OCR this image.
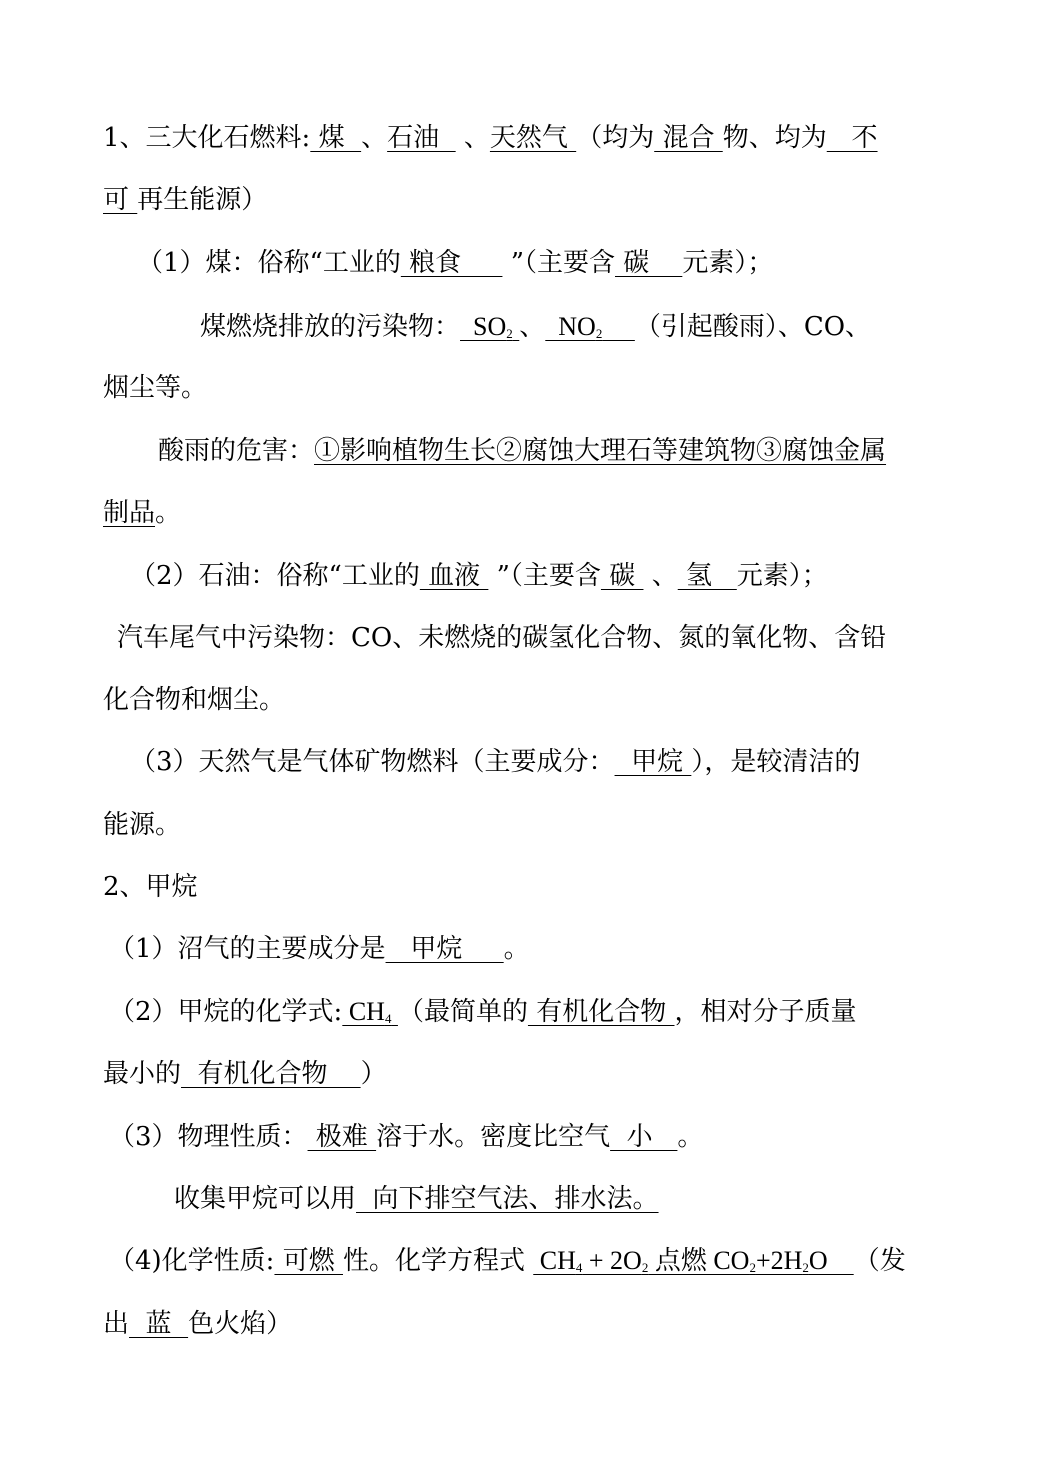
1、三大化石燃料: 煤  、石油   、天然气 （均为 混合 物、均为   不
可 再生能源）
（1）煤：俗称“工业的 粮食      ”（主要含 碳    元素）；
煤燃烧排放的污染物：  $SO_2$ 、  $NO_2$ （引起酸雨）、CO、
烟尘等。
酸雨的危害：①影响植物生长②腐蚀大理石等建筑物③腐蚀金属
制品。
（2）石油：俗称“工业的 血液  ”（主要含 碳  、 氢   元素）；
汽车尾气中污染物：CO、未燃烧的碳氢化合物、氮的氧化物、含铅
化合物和烟尘。
（3）天然气是气体矿物燃料（主要成分：  甲烷 ），是较清洁的
能源。
2、甲烷
（1）沼气的主要成分是   甲烷     。
（2）甲烷的化学式: $CH_4$ （最简单的 有机化合物 ，相对分子质量
最小的  有机化合物    ）
（3）物理性质： 极难 溶于水。密度比空气  小   。
收集甲烷可以用  向下排空气法、排水法。
（4)化学性质: 可燃 性。化学方程式  $CH_4 + 2O_2$ 点燃 $CO_2+2H_2O$    （发
出  蓝  色火焰）
